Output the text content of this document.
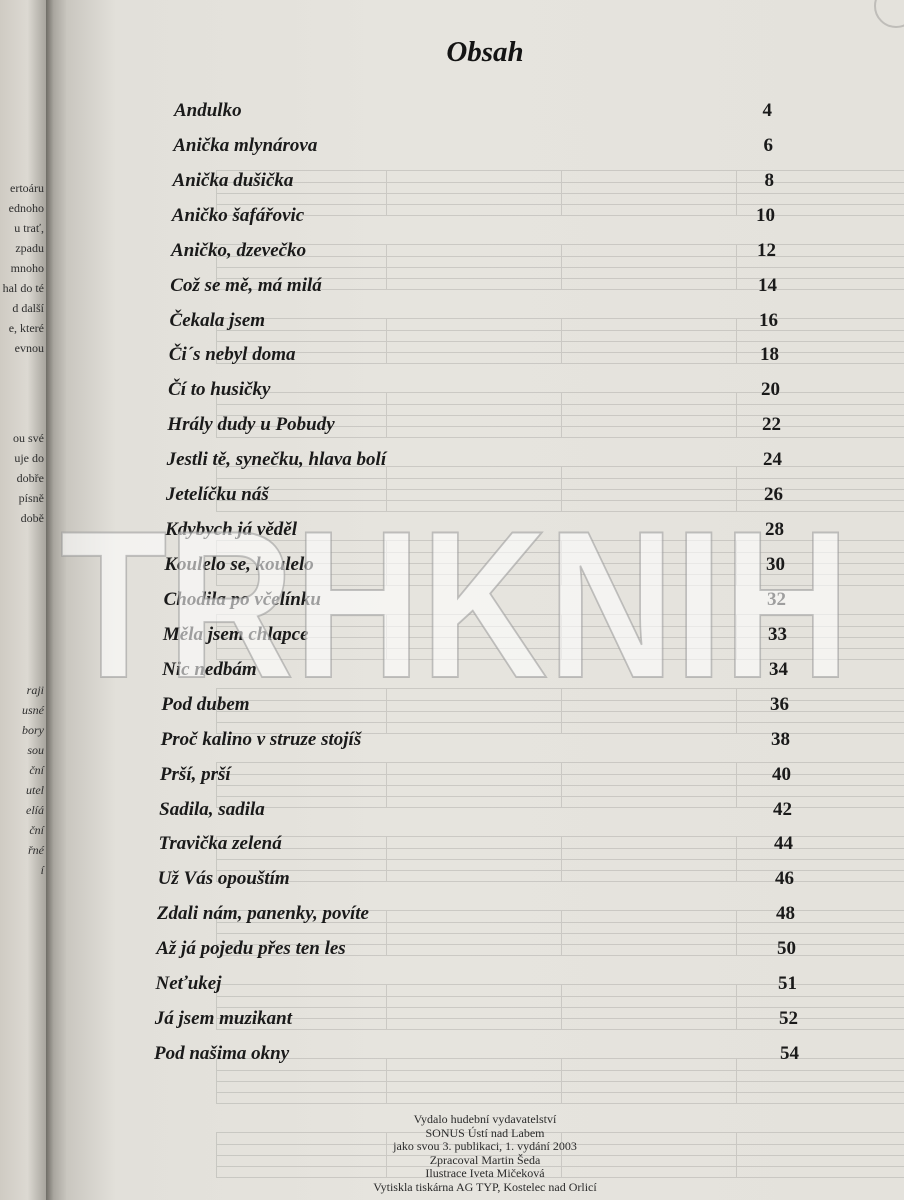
ertoáru
ednoho
u trať,
zpadu
mnoho
hal do té
d další
e, které
evnou
ou své
uje do
dobře
písně
době
raji
usné
bory
sou
ční
utel
elíá
ční
řné
í
Obsah
Andulko	4
Anička mlynárova	6
Anička dušička	8
Aničko šafářovic	10
Aničko, dzevečko	12
Což se mě, má milá	14
Čekala jsem	16
Či´s nebyl doma	18
Čí to husičky	20
Hrály dudy u Pobudy	22
Jestli tě, synečku, hlava bolí	24
Jetelíčku náš	26
Kdybych já věděl	28
Koulelo se, koulelo	30
Chodila po včelínku	32
Měla jsem chlapce	33
Nic nedbám	34
Pod dubem	36
Proč kalino v struze stojíš	38
Prší, prší	40
Sadila, sadila	42
Travička zelená	44
Už Vás opouštím	46
Zdali nám, panenky, povíte	48
Až já pojedu přes ten les	50
Neťukej	51
Já jsem muzikant	52
Pod našima okny	54
Vydalo hudební vydavatelství
SONUS Ústí nad Labem
jako svou 3. publikaci, 1. vydání 2003
Zpracoval Martin Šeda
Ilustrace Iveta Mičeková
Vytiskla tiskárna AG TYP, Kostelec nad Orlicí
TRHKNIH
